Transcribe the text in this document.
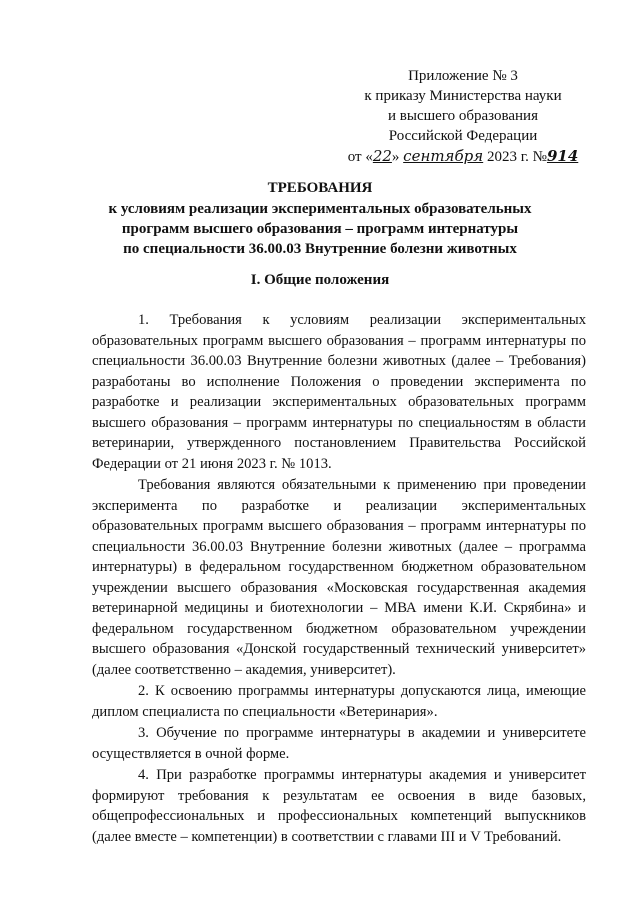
Приложение № 3
к приказу Министерства науки
и высшего образования
Российской Федерации
от «22» сентября 2023 г. №914
ТРЕБОВАНИЯ
к условиям реализации экспериментальных образовательных
программ высшего образования – программ интернатуры
по специальности 36.00.03 Внутренние болезни животных
I. Общие положения

1. Требования к условиям реализации экспериментальных образовательных программ высшего образования – программ интернатуры по специальности 36.00.03 Внутренние болезни животных (далее – Требования) разработаны во исполнение Положения о проведении эксперимента по разработке и реализации экспериментальных образовательных программ высшего образования – программ интернатуры по специальностям в области ветеринарии, утвержденного постановлением Правительства Российской Федерации от 21 июня 2023 г. № 1013.

Требования являются обязательными к применению при проведении эксперимента по разработке и реализации экспериментальных образовательных программ высшего образования – программ интернатуры по специальности 36.00.03 Внутренние болезни животных (далее – программа интернатуры) в федеральном государственном бюджетном образовательном учреждении высшего образования «Московская государственная академия ветеринарной медицины и биотехнологии – МВА имени К.И. Скрябина» и федеральном государственном бюджетном образовательном учреждении высшего образования «Донской государственный технический университет» (далее соответственно – академия, университет).

2. К освоению программы интернатуры допускаются лица, имеющие диплом специалиста по специальности «Ветеринария».

3. Обучение по программе интернатуры в академии и университете осуществляется в очной форме.

4. При разработке программы интернатуры академия и университет формируют требования к результатам ее освоения в виде базовых, общепрофессиональных и профессиональных компетенций выпускников (далее вместе – компетенции) в соответствии с главами III и V Требований.
